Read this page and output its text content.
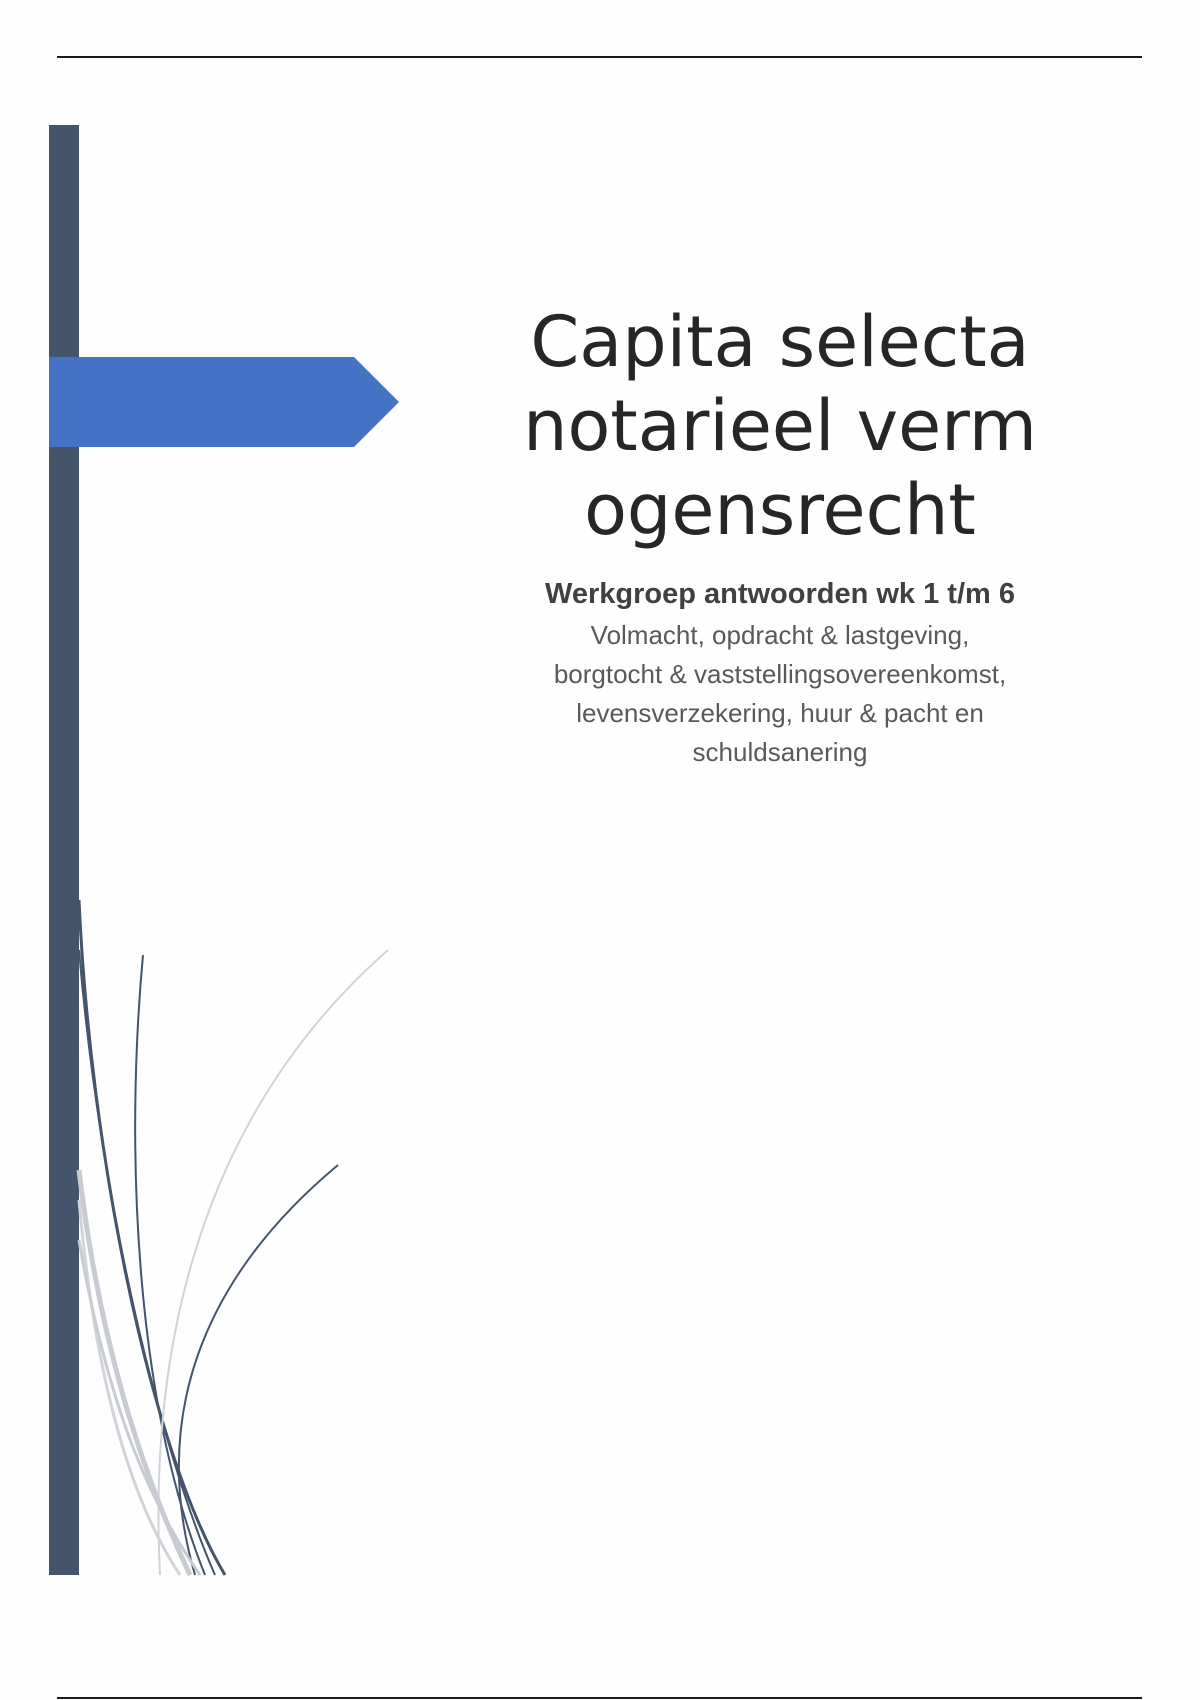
Capita selecta notarieel vermogensrecht
Werkgroep antwoorden wk 1 t/m 6
Volmacht, opdracht & lastgeving,
borgtocht & vaststellingsovereenkomst,
levensverzekering, huur & pacht en
schuldsanering
